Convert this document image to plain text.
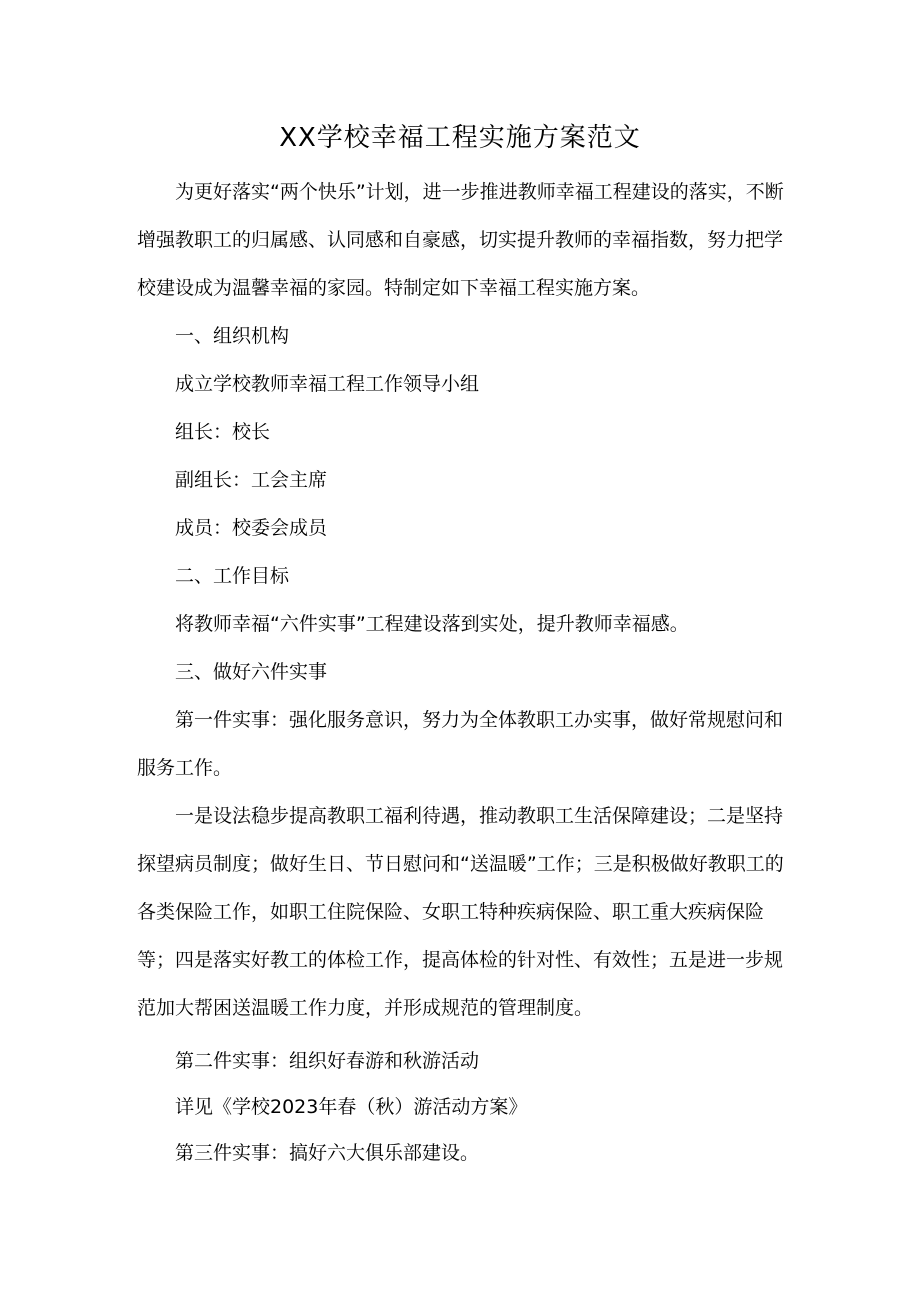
XX学校幸福工程实施方案范文

为更好落实“两个快乐”计划，进一步推进教师幸福工程建设的落实，不断增强教职工的归属感、认同感和自豪感，切实提升教师的幸福指数，努力把学校建设成为温馨幸福的家园。特制定如下幸福工程实施方案。

一、组织机构

成立学校教师幸福工程工作领导小组

组长：校长

副组长：工会主席

成员：校委会成员

二、工作目标

将教师幸福“六件实事”工程建设落到实处，提升教师幸福感。

三、做好六件实事

第一件实事：强化服务意识，努力为全体教职工办实事，做好常规慰问和服务工作。

一是设法稳步提高教职工福利待遇，推动教职工生活保障建设；二是坚持探望病员制度；做好生日、节日慰问和“送温暖”工作；三是积极做好教职工的各类保险工作，如职工住院保险、女职工特种疾病保险、职工重大疾病保险等；四是落实好教工的体检工作，提高体检的针对性、有效性；五是进一步规范加大帮困送温暖工作力度，并形成规范的管理制度。

第二件实事：组织好春游和秋游活动

详见《学校2023年春（秋）游活动方案》

第三件实事：搞好六大俱乐部建设。
